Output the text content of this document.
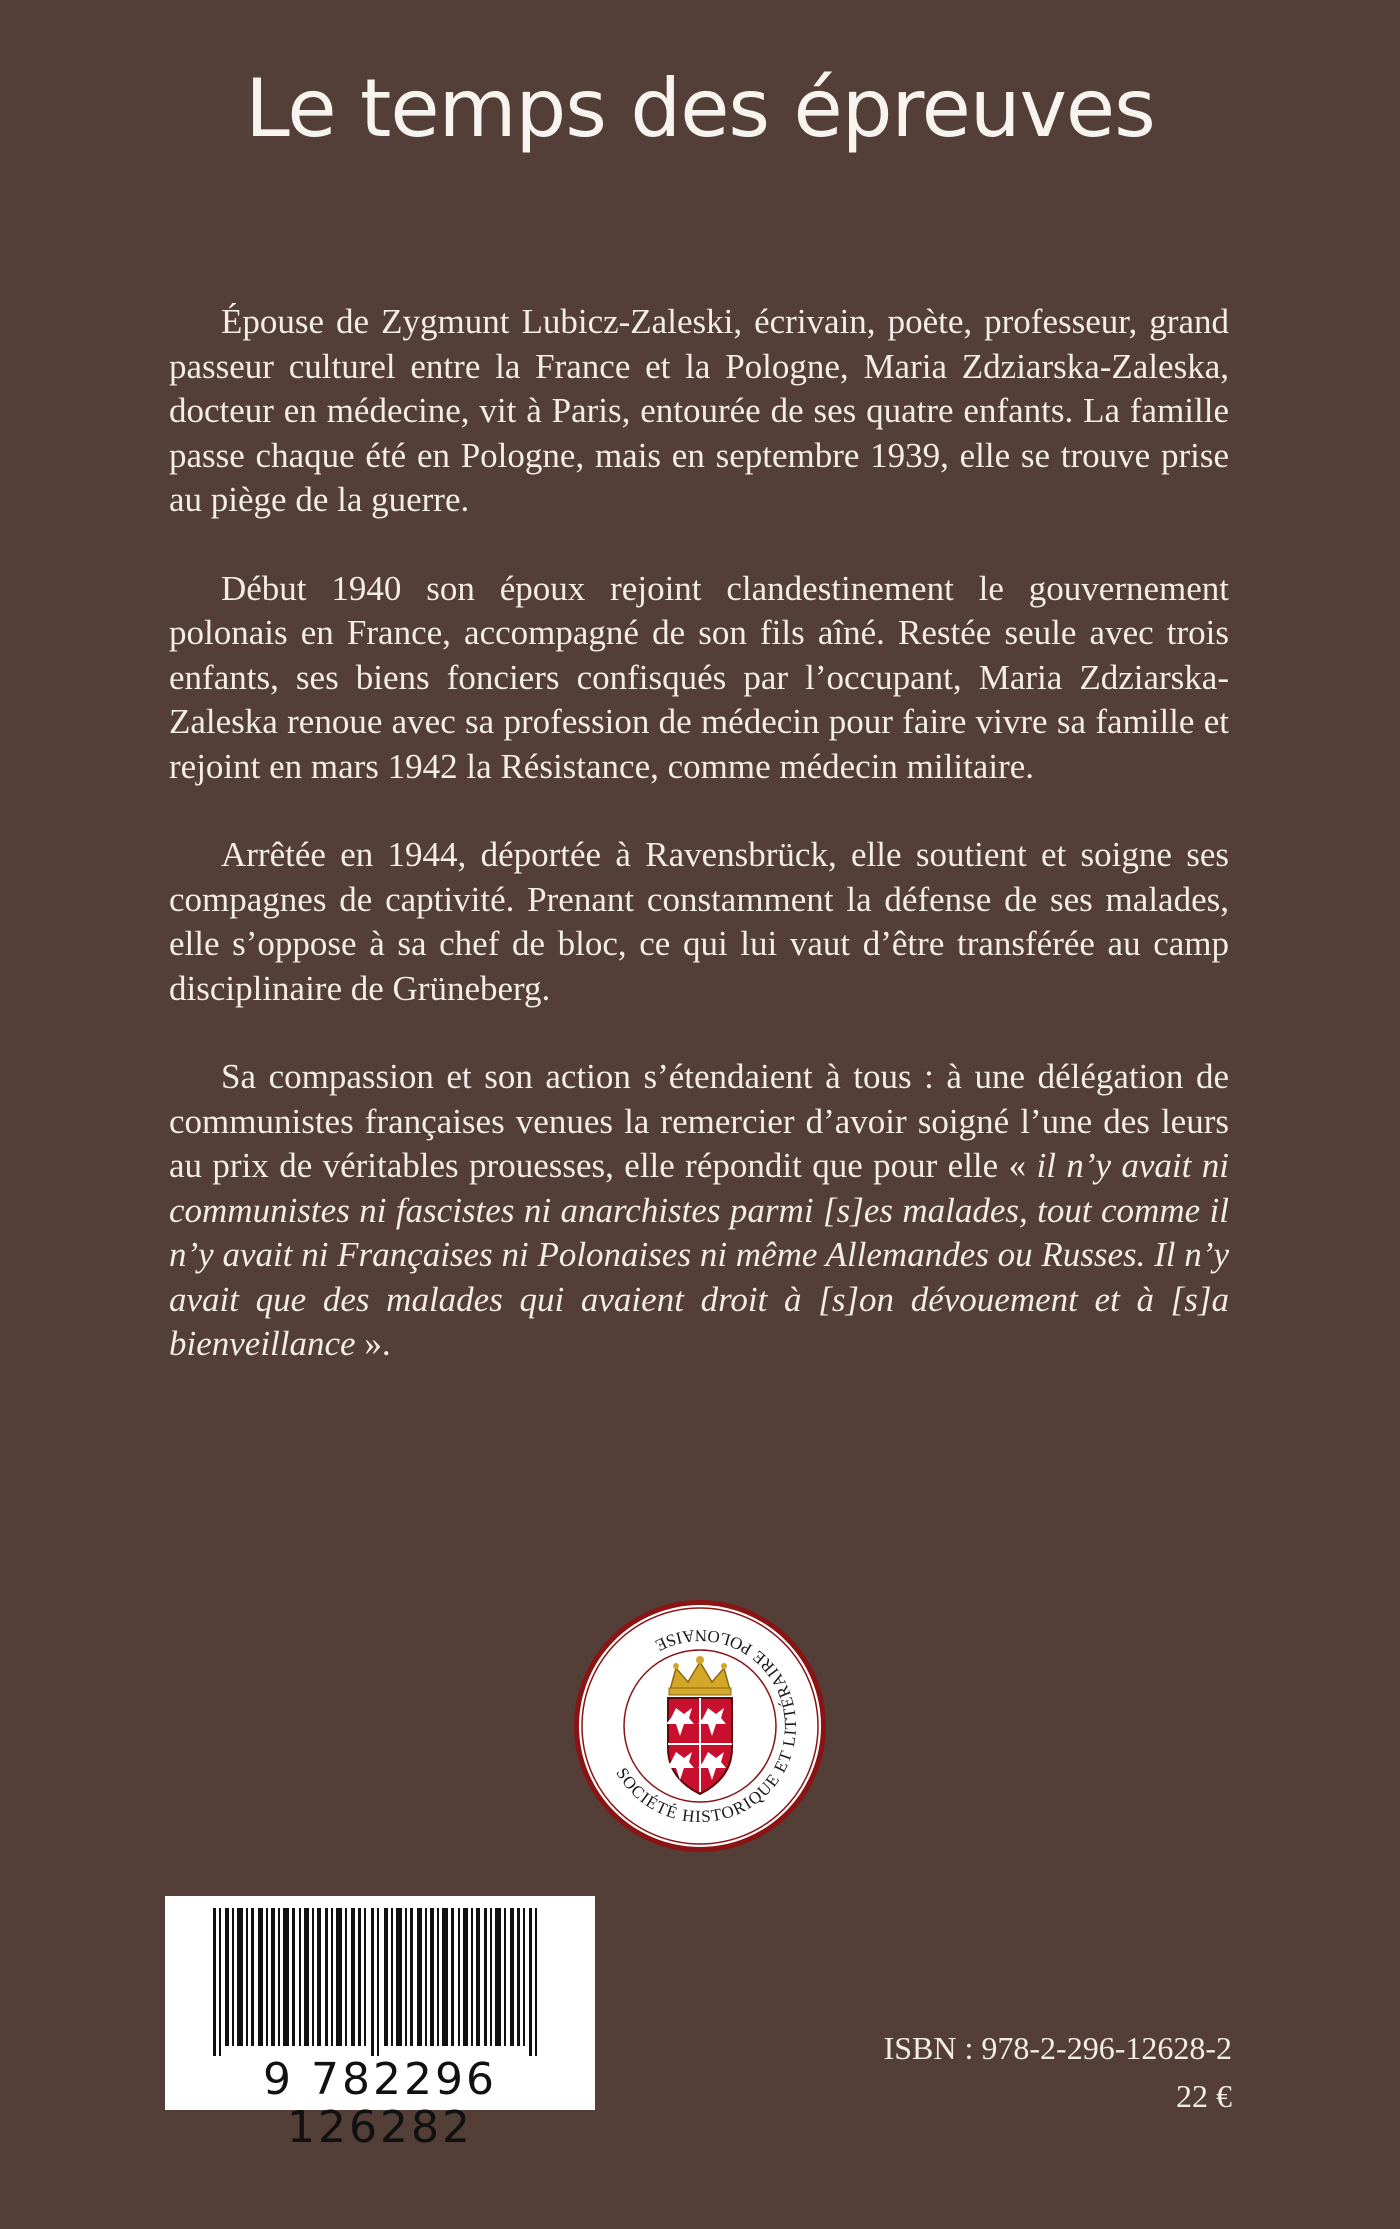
Le temps des épreuves

Épouse de Zygmunt Lubicz-Zaleski, écrivain, poète, professeur, grand passeur culturel entre la France et la Pologne, Maria Zdziarska-Zaleska, docteur en médecine, vit à Paris, entourée de ses quatre enfants. La famille passe chaque été en Pologne, mais en septembre 1939, elle se trouve prise au piège de la guerre.

Début 1940 son époux rejoint clandestinement le gouvernement polonais en France, accompagné de son fils aîné. Restée seule avec trois enfants, ses biens fonciers confisqués par l’occupant, Maria Zdziarska-Zaleska renoue avec sa profession de médecin pour faire vivre sa famille et rejoint en mars 1942 la Résistance, comme médecin militaire.

Arrêtée en 1944, déportée à Ravensbrück, elle soutient et soigne ses compagnes de captivité. Prenant constamment la défense de ses malades, elle s’oppose à sa chef de bloc, ce qui lui vaut d’être transférée au camp disciplinaire de Grüneberg.

Sa compassion et son action s’étendaient à tous : à une délégation de communistes françaises venues la remercier d’avoir soigné l’une des leurs au prix de véritables prouesses, elle répondit que pour elle « il n’y avait ni communistes ni fascistes ni anarchistes parmi [s]es malades, tout comme il n’y avait ni Françaises ni Polonaises ni même Allemandes ou Russes. Il n’y avait que des malades qui avaient droit à [s]on dévouement et à [s]a bienveillance ».

SOCIÉTÉ HISTORIQUE ET LITTÉRAIRE POLONAISE
9 782296 126282
ISBN : 978-2-296-12628-2
22 €
